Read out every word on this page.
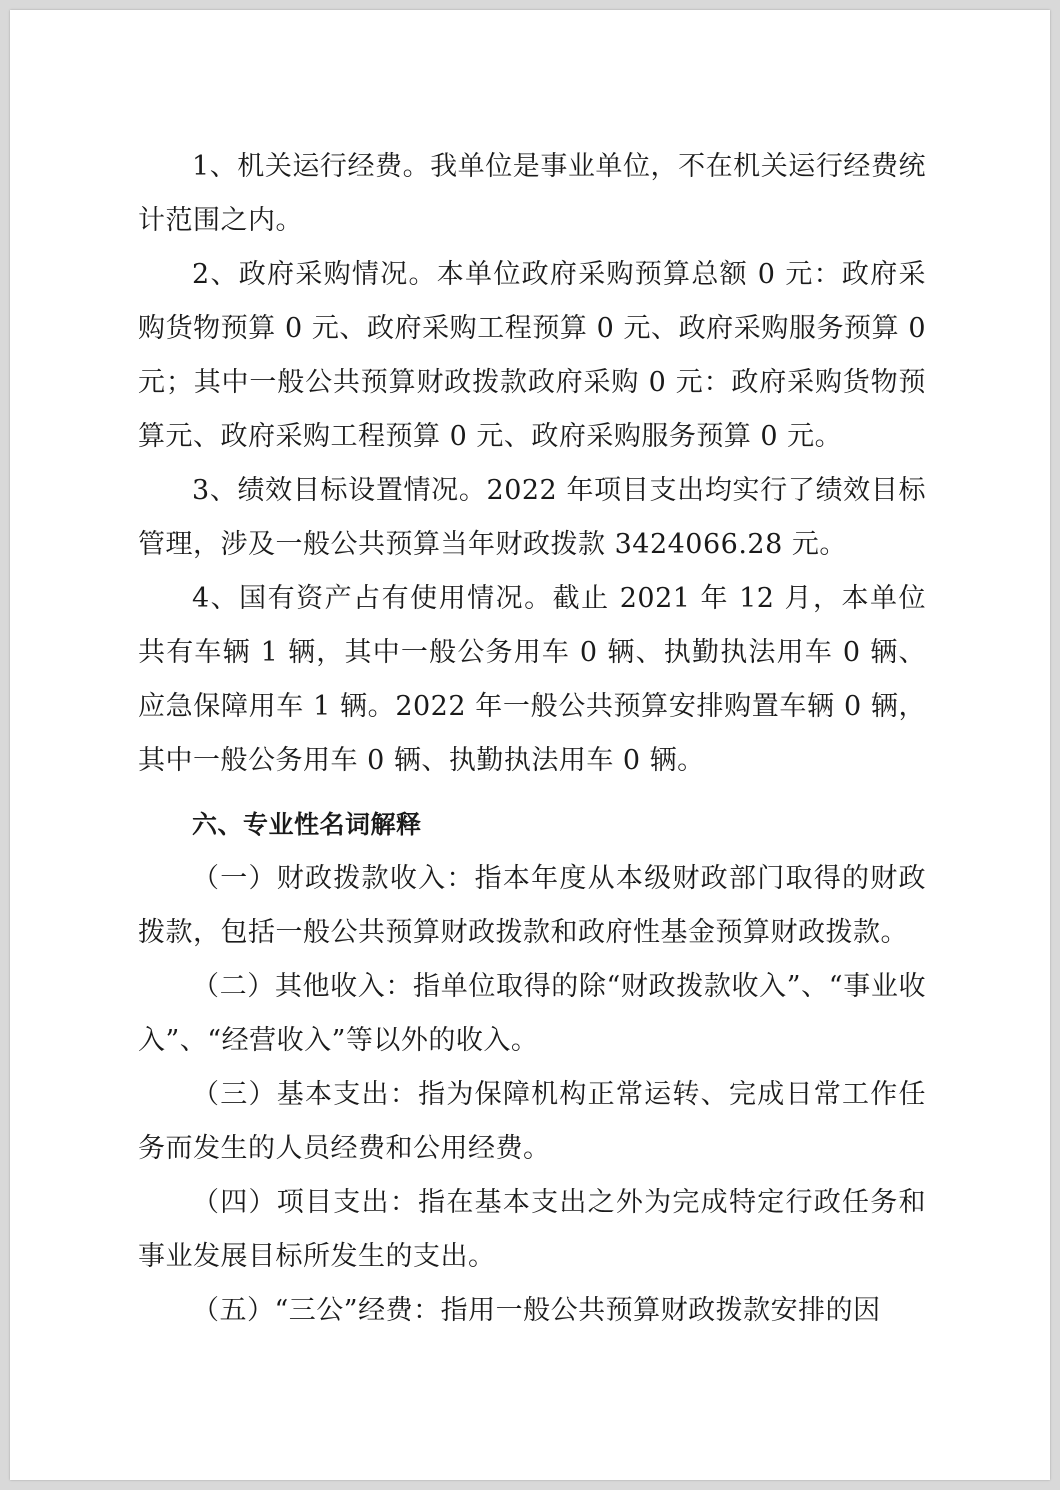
1、机关运行经费。我单位是事业单位，不在机关运行经费统计范围之内。

2、政府采购情况。本单位政府采购预算总额 0 元：政府采购货物预算 0 元、政府采购工程预算 0 元、政府采购服务预算 0 元；其中一般公共预算财政拨款政府采购 0 元：政府采购货物预算元、政府采购工程预算 0 元、政府采购服务预算 0 元。

3、绩效目标设置情况。2022 年项目支出均实行了绩效目标管理，涉及一般公共预算当年财政拨款 3424066.28 元。

4、国有资产占有使用情况。截止 2021 年 12 月，本单位共有车辆 1 辆，其中一般公务用车 0 辆、执勤执法用车 0 辆、应急保障用车 1 辆。2022 年一般公共预算安排购置车辆 0 辆，其中一般公务用车 0 辆、执勤执法用车 0 辆。

六、专业性名词解释

（一）财政拨款收入：指本年度从本级财政部门取得的财政拨款，包括一般公共预算财政拨款和政府性基金预算财政拨款。

（二）其他收入：指单位取得的除“财政拨款收入”、“事业收入”、“经营收入”等以外的收入。

（三）基本支出：指为保障机构正常运转、完成日常工作任务而发生的人员经费和公用经费。

（四）项目支出：指在基本支出之外为完成特定行政任务和事业发展目标所发生的支出。

（五）“三公”经费：指用一般公共预算财政拨款安排的因
